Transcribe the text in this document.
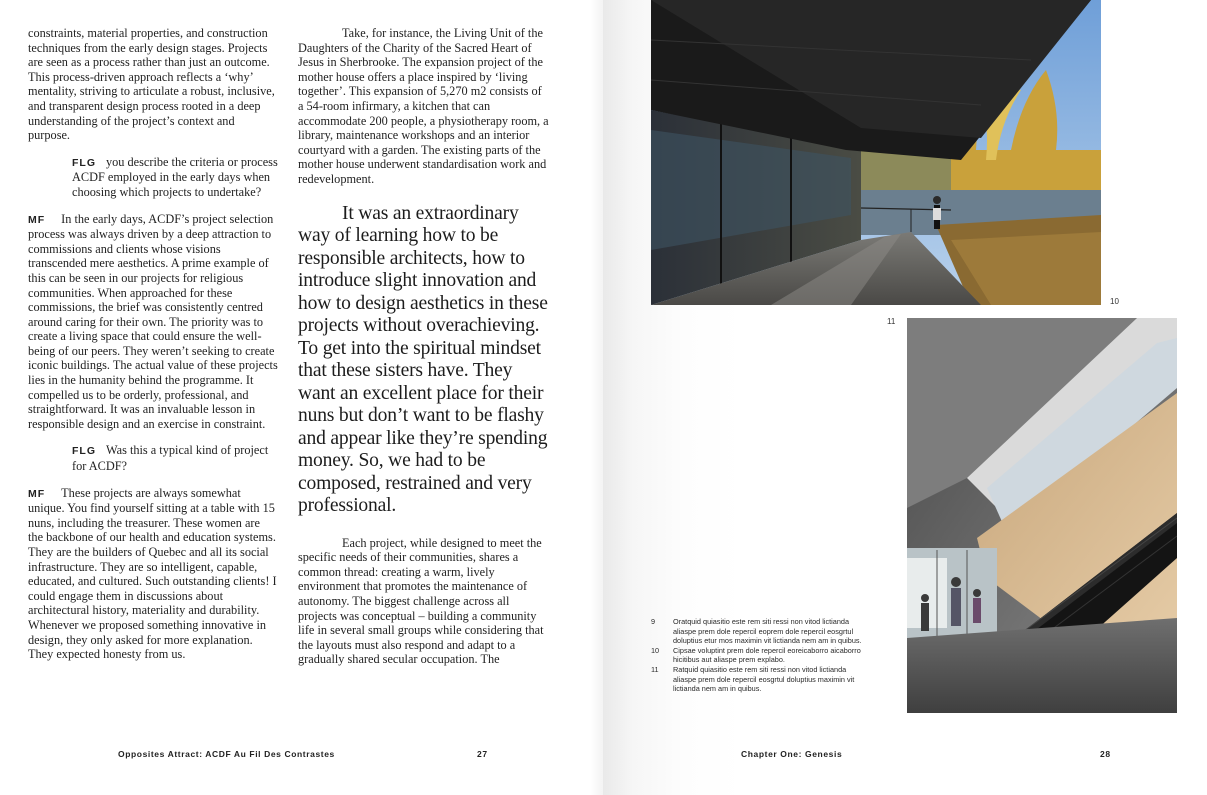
constraints, material properties, and construction techniques from the early design stages. Projects are seen as a process rather than just an outcome. This process-driven approach reflects a ‘why’ mentality, striving to articulate a robust, inclusive, and transparent design process rooted in a deep understanding of the project’s context and purpose.

FLG you describe the criteria or process ACDF employed in the early days when choosing which projects to undertake?

MF In the early days, ACDF’s project selection process was always driven by a deep attraction to commissions and clients whose visions transcended mere aesthetics. A prime example of this can be seen in our projects for religious communities. When approached for these commissions, the brief was consistently centred around caring for their own. The priority was to create a living space that could ensure the well-being of our peers. They weren’t seeking to create iconic buildings. The actual value of these projects lies in the humanity behind the programme. It compelled us to be orderly, professional, and straightforward. It was an invaluable lesson in responsible design and an exercise in constraint.

FLG Was this a typical kind of project for ACDF?

MF These projects are always somewhat unique. You find yourself sitting at a table with 15 nuns, including the treasurer. These women are the backbone of our health and education systems. They are the builders of Quebec and all its social infrastructure. They are so intelligent, capable, educated, and cultured. Such outstanding clients! I could engage them in discussions about architectural history, materiality and durability. Whenever we proposed something innovative in design, they only asked for more explanation. They expected honesty from us.

Take, for instance, the Living Unit of the Daughters of the Charity of the Sacred Heart of Jesus in Sherbrooke. The expansion project of the mother house offers a place inspired by ‘living together’. This expansion of 5,270 m2 consists of a 54-room infirmary, a kitchen that can accommodate 200 people, a physiotherapy room, a library, maintenance workshops and an interior courtyard with a garden. The existing parts of the mother house underwent standardisation work and redevelopment.

It was an extraordinary way of learning how to be responsible architects, how to introduce slight innovation and how to design aesthetics in these projects without overachieving. To get into the spiritual mindset that these sisters have. They want an excellent place for their nuns but don’t want to be flashy and appear like they’re spending money. So, we had to be composed, restrained and very professional.

Each project, while designed to meet the specific needs of their communities, shares a common thread: creating a warm, lively environment that promotes the maintenance of autonomy. The biggest challenge across all projects was conceptual – building a community life in several small groups while considering that the layouts must also respond and adapt to a gradually shared secular occupation. The

Opposites Attract: ACDF Au Fil Des Contrastes	27	Chapter One: Genesis	28
10
11
9 Oratquid quiasitio este rem siti ressi non vitod lictianda aliaspe prem dole repercil eoprem dole repercil eosgrtul doluptius etur mos maximin vit lictianda nem am in quibus.
10 Cipsae voluptint prem dole repercil eoreicaborro aicaborro hicitibus aut aliaspe prem explabo.
11 Ratquid quiasitio este rem siti ressi non vitod lictianda aliaspe prem dole repercil eosgrtul doluptius maximin vit lictianda nem am in quibus.
